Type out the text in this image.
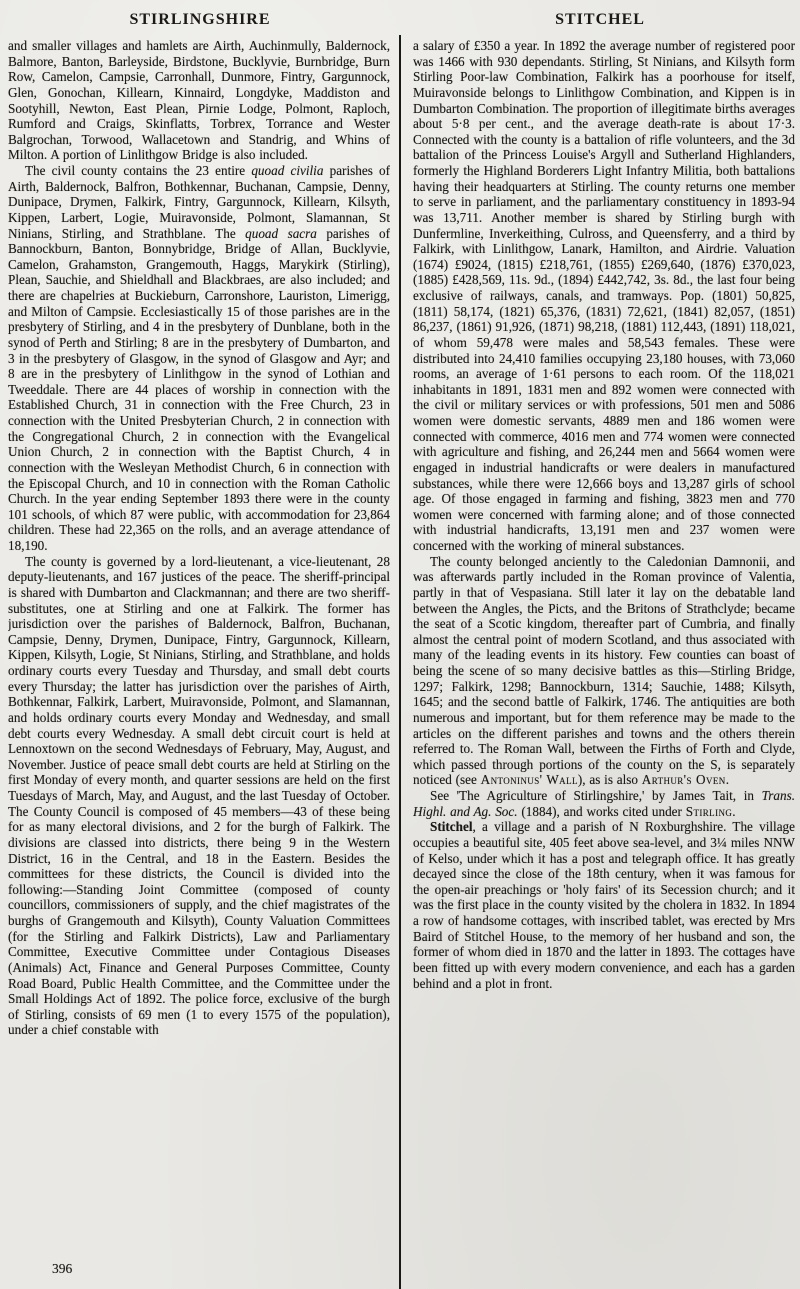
STIRLINGSHIRE	STITCHEL

and smaller villages and hamlets are Airth, Auchinmully, Baldernock, Balmore, Banton, Barleyside, Birdstone, Bucklyvie, Burnbridge, Burn Row, Camelon, Campsie, Carronhall, Dunmore, Fintry, Gargunnock, Glen, Gonochan, Killearn, Kinnaird, Longdyke, Maddiston and Sootyhill, Newton, East Plean, Pirnie Lodge, Polmont, Raploch, Rumford and Craigs, Skinflatts, Torbrex, Torrance and Wester Balgrochan, Torwood, Wallacetown and Standrig, and Whins of Milton. A portion of Linlithgow Bridge is also included.

The civil county contains the 23 entire quoad civilia parishes of Airth, Baldernock, Balfron, Bothkennar, Buchanan, Campsie, Denny, Dunipace, Drymen, Falkirk, Fintry, Gargunnock, Killearn, Kilsyth, Kippen, Larbert, Logie, Muiravonside, Polmont, Slamannan, St Ninians, Stirling, and Strathblane. The quoad sacra parishes of Bannockburn, Banton, Bonnybridge, Bridge of Allan, Bucklyvie, Camelon, Grahamston, Grangemouth, Haggs, Marykirk (Stirling), Plean, Sauchie, and Shieldhall and Blackbraes, are also included; and there are chapelries at Buckieburn, Carronshore, Lauriston, Limerigg, and Milton of Campsie. Ecclesiastically 15 of those parishes are in the presbytery of Stirling, and 4 in the presbytery of Dunblane, both in the synod of Perth and Stirling; 8 are in the presbytery of Dumbarton, and 3 in the presbytery of Glasgow, in the synod of Glasgow and Ayr; and 8 are in the presbytery of Linlithgow in the synod of Lothian and Tweeddale. There are 44 places of worship in connection with the Established Church, 31 in connection with the Free Church, 23 in connection with the United Presbyterian Church, 2 in connection with the Congregational Church, 2 in connection with the Evangelical Union Church, 2 in connection with the Baptist Church, 4 in connection with the Wesleyan Methodist Church, 6 in connection with the Episcopal Church, and 10 in connection with the Roman Catholic Church. In the year ending September 1893 there were in the county 101 schools, of which 87 were public, with accommodation for 23,864 children. These had 22,365 on the rolls, and an average attendance of 18,190.

The county is governed by a lord-lieutenant, a vice-lieutenant, 28 deputy-lieutenants, and 167 justices of the peace. The sheriff-principal is shared with Dumbarton and Clackmannan; and there are two sheriff-substitutes, one at Stirling and one at Falkirk. The former has jurisdiction over the parishes of Baldernock, Balfron, Buchanan, Campsie, Denny, Drymen, Dunipace, Fintry, Gargunnock, Killearn, Kippen, Kilsyth, Logie, St Ninians, Stirling, and Strathblane, and holds ordinary courts every Tuesday and Thursday, and small debt courts every Thursday; the latter has jurisdiction over the parishes of Airth, Bothkennar, Falkirk, Larbert, Muiravonside, Polmont, and Slamannan, and holds ordinary courts every Monday and Wednesday, and small debt courts every Wednesday. A small debt circuit court is held at Lennoxtown on the second Wednesdays of February, May, August, and November. Justice of peace small debt courts are held at Stirling on the first Monday of every month, and quarter sessions are held on the first Tuesdays of March, May, and August, and the last Tuesday of October. The County Council is composed of 45 members—43 of these being for as many electoral divisions, and 2 for the burgh of Falkirk. The divisions are classed into districts, there being 9 in the Western District, 16 in the Central, and 18 in the Eastern. Besides the committees for these districts, the Council is divided into the following:—Standing Joint Committee (composed of county councillors, commissioners of supply, and the chief magistrates of the burghs of Grangemouth and Kilsyth), County Valuation Committees (for the Stirling and Falkirk Districts), Law and Parliamentary Committee, Executive Committee under Contagious Diseases (Animals) Act, Finance and General Purposes Committee, County Road Board, Public Health Committee, and the Committee under the Small Holdings Act of 1892. The police force, exclusive of the burgh of Stirling, consists of 69 men (1 to every 1575 of the population), under a chief constable with

a salary of £350 a year. In 1892 the average number of registered poor was 1466 with 930 dependants. Stirling, St Ninians, and Kilsyth form Stirling Poor-law Combination, Falkirk has a poorhouse for itself, Muiravonside belongs to Linlithgow Combination, and Kippen is in Dumbarton Combination. The proportion of illegitimate births averages about 5·8 per cent., and the average death-rate is about 17·3. Connected with the county is a battalion of rifle volunteers, and the 3d battalion of the Princess Louise's Argyll and Sutherland Highlanders, formerly the Highland Borderers Light Infantry Militia, both battalions having their headquarters at Stirling. The county returns one member to serve in parliament, and the parliamentary constituency in 1893-94 was 13,711. Another member is shared by Stirling burgh with Dunfermline, Inverkeithing, Culross, and Queensferry, and a third by Falkirk, with Linlithgow, Lanark, Hamilton, and Airdrie. Valuation (1674) £9024, (1815) £218,761, (1855) £269,640, (1876) £370,023, (1885) £428,569, 11s. 9d., (1894) £442,742, 3s. 8d., the last four being exclusive of railways, canals, and tramways. Pop. (1801) 50,825, (1811) 58,174, (1821) 65,376, (1831) 72,621, (1841) 82,057, (1851) 86,237, (1861) 91,926, (1871) 98,218, (1881) 112,443, (1891) 118,021, of whom 59,478 were males and 58,543 females. These were distributed into 24,410 families occupying 23,180 houses, with 73,060 rooms, an average of 1·61 persons to each room. Of the 118,021 inhabitants in 1891, 1831 men and 892 women were connected with the civil or military services or with professions, 501 men and 5086 women were domestic servants, 4889 men and 186 women were connected with commerce, 4016 men and 774 women were connected with agriculture and fishing, and 26,244 men and 5664 women were engaged in industrial handicrafts or were dealers in manufactured substances, while there were 12,666 boys and 13,287 girls of school age. Of those engaged in farming and fishing, 3823 men and 770 women were concerned with farming alone; and of those connected with industrial handicrafts, 13,191 men and 237 women were concerned with the working of mineral substances.

The county belonged anciently to the Caledonian Damnonii, and was afterwards partly included in the Roman province of Valentia, partly in that of Vespasiana. Still later it lay on the debatable land between the Angles, the Picts, and the Britons of Strathclyde; became the seat of a Scotic kingdom, thereafter part of Cumbria, and finally almost the central point of modern Scotland, and thus associated with many of the leading events in its history. Few counties can boast of being the scene of so many decisive battles as this—Stirling Bridge, 1297; Falkirk, 1298; Bannockburn, 1314; Sauchie, 1488; Kilsyth, 1645; and the second battle of Falkirk, 1746. The antiquities are both numerous and important, but for them reference may be made to the articles on the different parishes and towns and the others therein referred to. The Roman Wall, between the Firths of Forth and Clyde, which passed through portions of the county on the S, is separately noticed (see Antoninus' Wall), as is also Arthur's Oven.

See 'The Agriculture of Stirlingshire,' by James Tait, in Trans. Highl. and Ag. Soc. (1884), and works cited under Stirling.

Stitchel, a village and a parish of N Roxburghshire. The village occupies a beautiful site, 405 feet above sea-level, and 3¼ miles NNW of Kelso, under which it has a post and telegraph office. It has greatly decayed since the close of the 18th century, when it was famous for the open-air preachings or 'holy fairs' of its Secession church; and it was the first place in the county visited by the cholera in 1832. In 1894 a row of handsome cottages, with inscribed tablet, was erected by Mrs Baird of Stitchel House, to the memory of her husband and son, the former of whom died in 1870 and the latter in 1893. The cottages have been fitted up with every modern convenience, and each has a garden behind and a plot in front.

396
